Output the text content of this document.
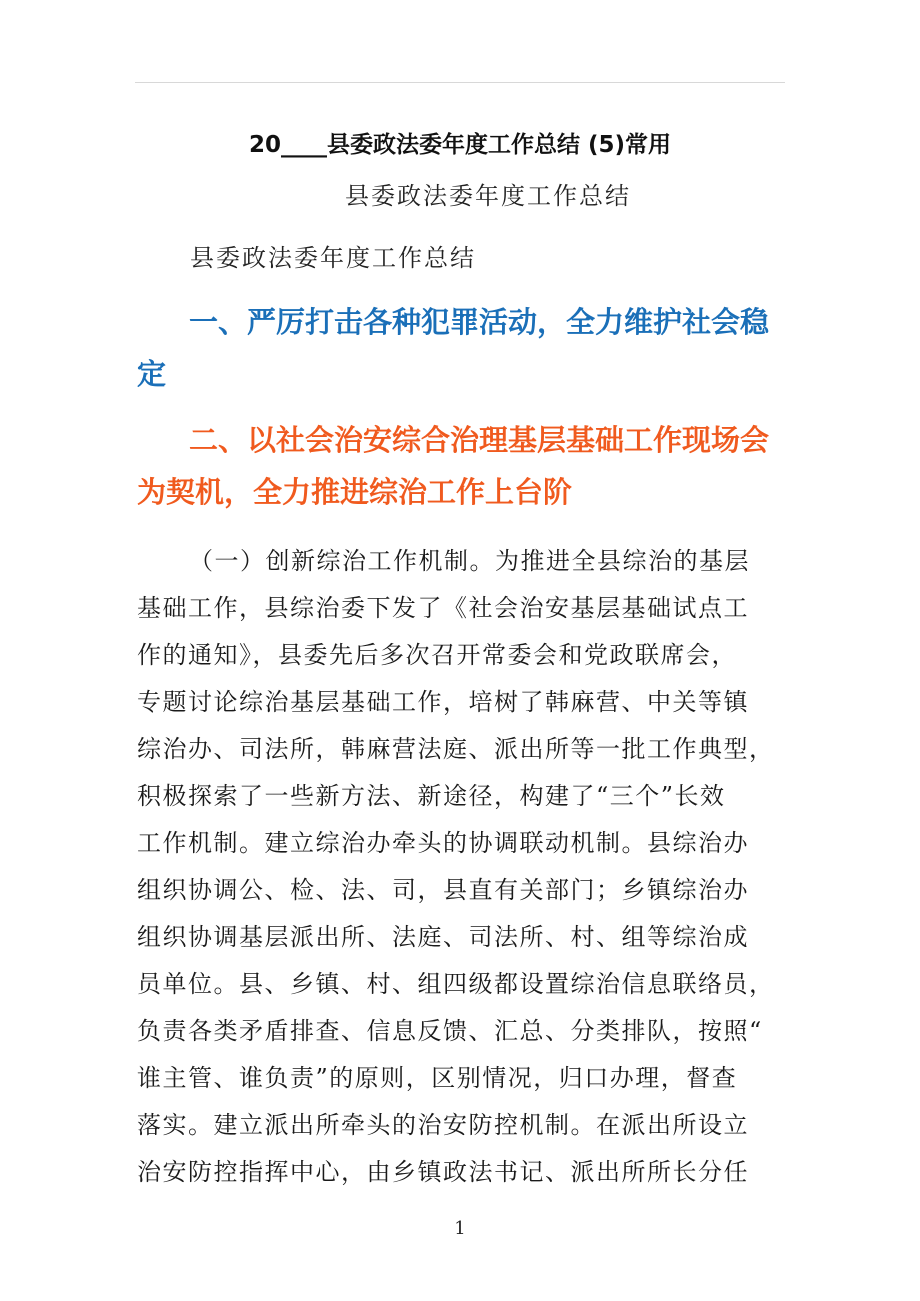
20____县委政法委年度工作总结 (5)常用
县委政法委年度工作总结
县委政法委年度工作总结
一、严厉打击各种犯罪活动，全力维护社会稳定
二、以社会治安综合治理基层基础工作现场会为契机，全力推进综治工作上台阶
（一）创新综治工作机制。为推进全县综治的基层
基础工作，县综治委下发了《社会治安基层基础试点工
作的通知》，县委先后多次召开常委会和党政联席会，
专题讨论综治基层基础工作，培树了韩麻营、中关等镇
综治办、司法所，韩麻营法庭、派出所等一批工作典型，
积极探索了一些新方法、新途径，构建了“三个”长效
工作机制。建立综治办牵头的协调联动机制。县综治办
组织协调公、检、法、司，县直有关部门；乡镇综治办
组织协调基层派出所、法庭、司法所、村、组等综治成
员单位。县、乡镇、村、组四级都设置综治信息联络员，
负责各类矛盾排查、信息反馈、汇总、分类排队，按照“
谁主管、谁负责”的原则，区别情况，归口办理，督查
落实。建立派出所牵头的治安防控机制。在派出所设立
治安防控指挥中心，由乡镇政法书记、派出所所长分任
1
